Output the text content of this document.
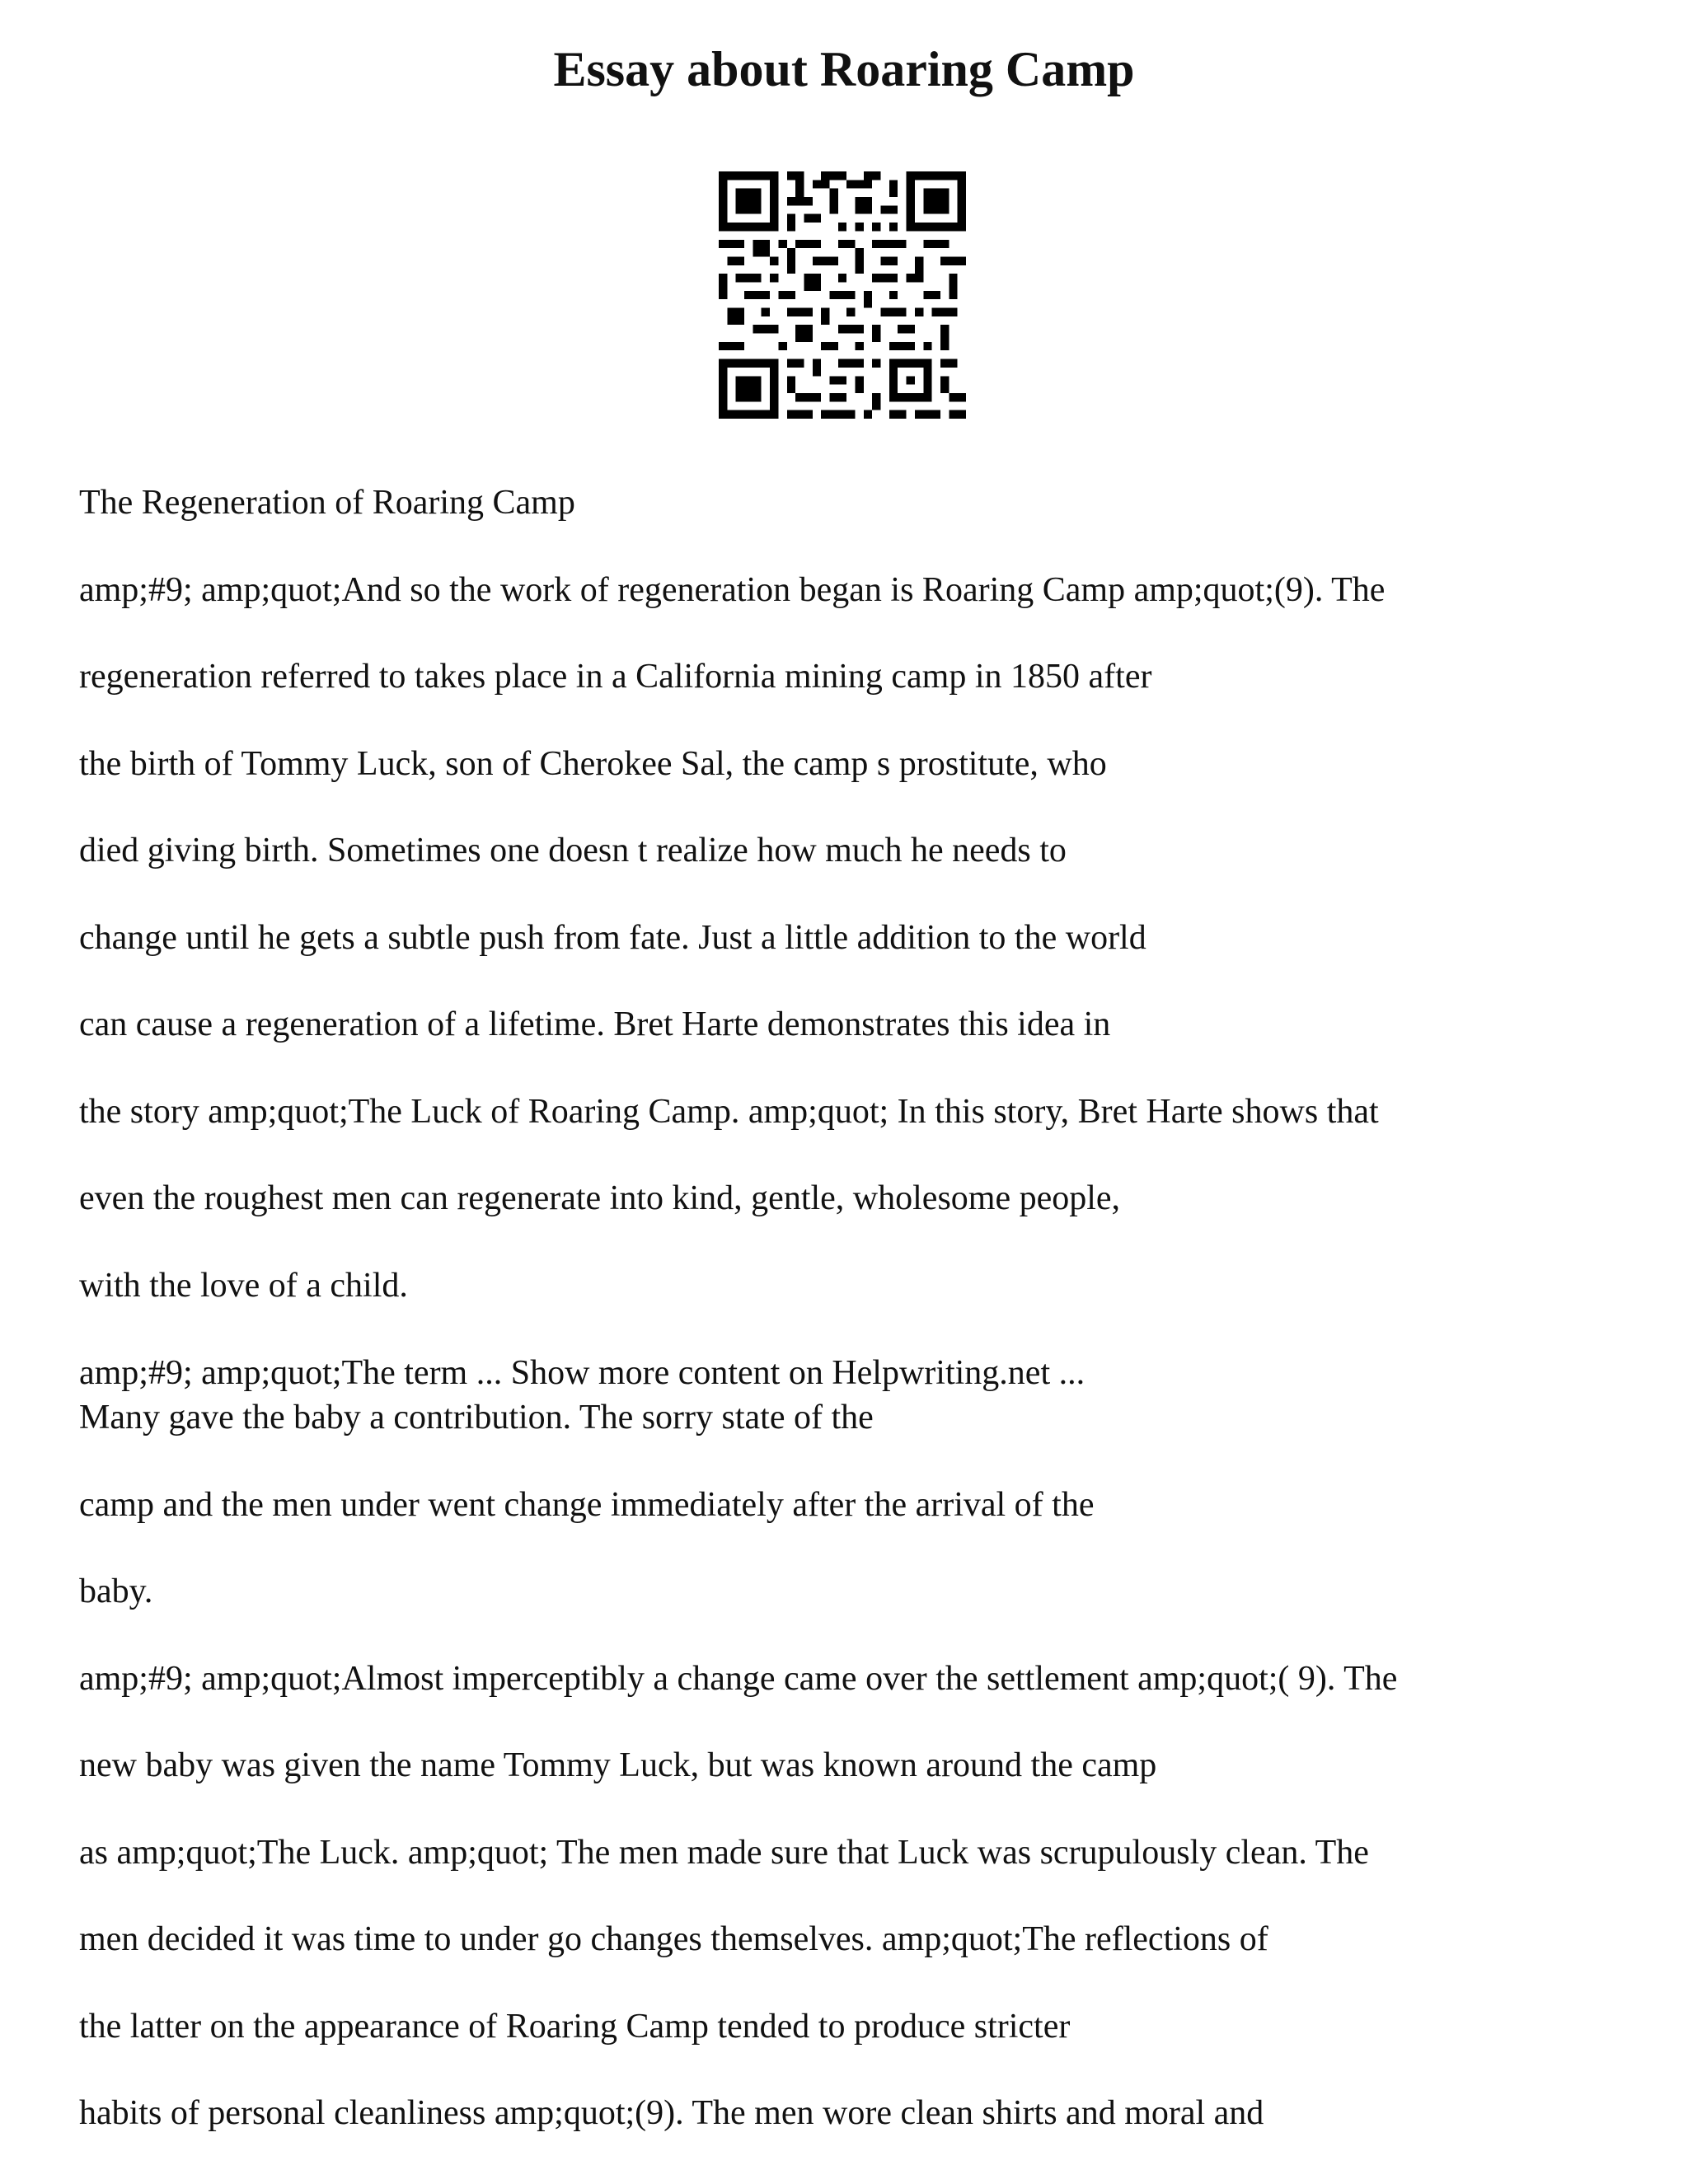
Essay about Roaring Camp

The Regeneration of Roaring Camp

amp;#9; amp;quot;And so the work of regeneration began is Roaring Camp amp;quot;(9). The

regeneration referred to takes place in a California mining camp in 1850 after

the birth of Tommy Luck, son of Cherokee Sal, the camp s prostitute, who

died giving birth. Sometimes one doesn t realize how much he needs to

change until he gets a subtle push from fate. Just a little addition to the world

can cause a regeneration of a lifetime. Bret Harte demonstrates this idea in

the story amp;quot;The Luck of Roaring Camp. amp;quot; In this story, Bret Harte shows that

even the roughest men can regenerate into kind, gentle, wholesome people,

with the love of a child.

amp;#9; amp;quot;The term ... Show more content on Helpwriting.net ...

Many gave the baby a contribution. The sorry state of the

camp and the men under went change immediately after the arrival of the

baby.

amp;#9; amp;quot;Almost imperceptibly a change came over the settlement amp;quot;( 9). The

new baby was given the name Tommy Luck, but was known around the camp

as amp;quot;The Luck. amp;quot; The men made sure that Luck was scrupulously clean. The

men decided it was time to under go changes themselves. amp;quot;The reflections of

the latter on the appearance of Roaring Camp tended to produce stricter

habits of personal cleanliness amp;quot;(9). The men wore clean shirts and moral and
